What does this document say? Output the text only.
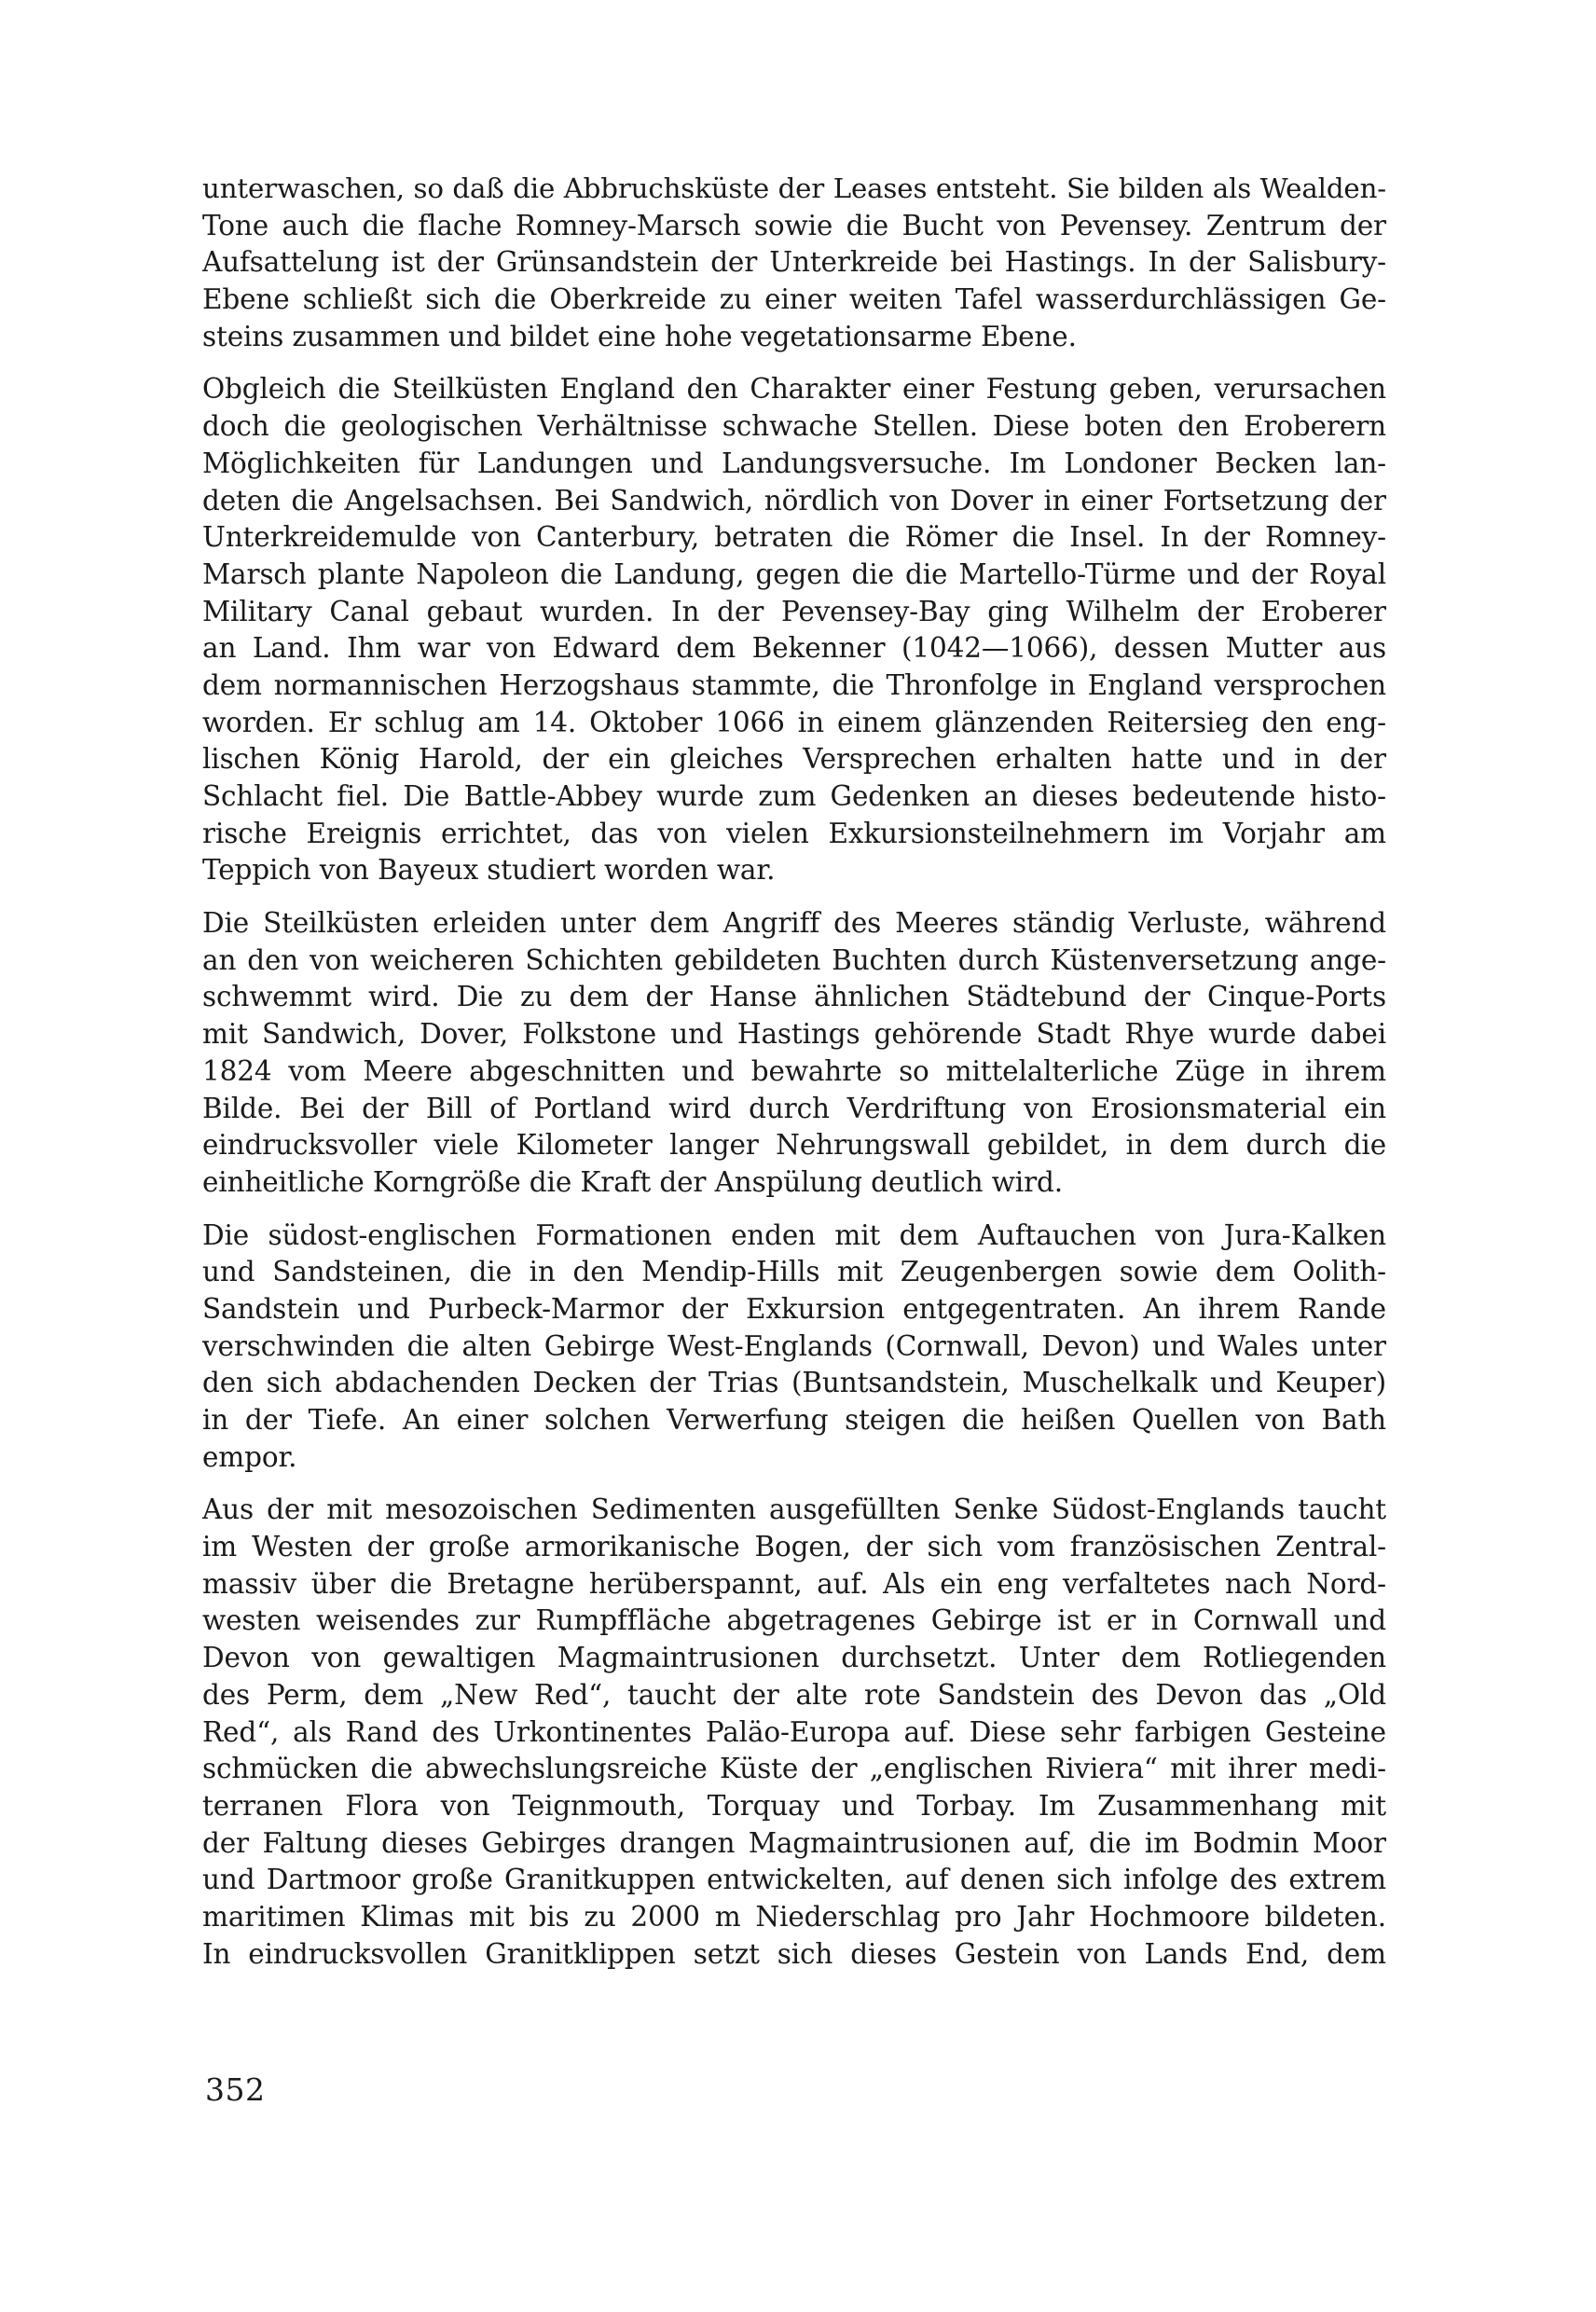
unterwaschen, so daß die Abbruchsküste der Leases entsteht. Sie bilden als Wealden-
Tone auch die flache Romney-Marsch sowie die Bucht von Pevensey. Zentrum der
Aufsattelung ist der Grünsandstein der Unterkreide bei Hastings. In der Salisbury-
Ebene schließt sich die Oberkreide zu einer weiten Tafel wasserdurchlässigen Ge-
steins zusammen und bildet eine hohe vegetationsarme Ebene.
Obgleich die Steilküsten England den Charakter einer Festung geben, verursachen
doch die geologischen Verhältnisse schwache Stellen. Diese boten den Eroberern
Möglichkeiten für Landungen und Landungsversuche. Im Londoner Becken lan-
deten die Angelsachsen. Bei Sandwich, nördlich von Dover in einer Fortsetzung der
Unterkreidemulde von Canterbury, betraten die Römer die Insel. In der Romney-
Marsch plante Napoleon die Landung, gegen die die Martello-Türme und der Royal
Military Canal gebaut wurden. In der Pevensey-Bay ging Wilhelm der Eroberer
an Land. Ihm war von Edward dem Bekenner (1042—1066), dessen Mutter aus
dem normannischen Herzogshaus stammte, die Thronfolge in England versprochen
worden. Er schlug am 14. Oktober 1066 in einem glänzenden Reitersieg den eng-
lischen König Harold, der ein gleiches Versprechen erhalten hatte und in der
Schlacht fiel. Die Battle-Abbey wurde zum Gedenken an dieses bedeutende histo-
rische Ereignis errichtet, das von vielen Exkursionsteilnehmern im Vorjahr am
Teppich von Bayeux studiert worden war.
Die Steilküsten erleiden unter dem Angriff des Meeres ständig Verluste, während
an den von weicheren Schichten gebildeten Buchten durch Küstenversetzung ange-
schwemmt wird. Die zu dem der Hanse ähnlichen Städtebund der Cinque-Ports
mit Sandwich, Dover, Folkstone und Hastings gehörende Stadt Rhye wurde dabei
1824 vom Meere abgeschnitten und bewahrte so mittelalterliche Züge in ihrem
Bilde. Bei der Bill of Portland wird durch Verdriftung von Erosionsmaterial ein
eindrucksvoller viele Kilometer langer Nehrungswall gebildet, in dem durch die
einheitliche Korngröße die Kraft der Anspülung deutlich wird.
Die südost-englischen Formationen enden mit dem Auftauchen von Jura-Kalken
und Sandsteinen, die in den Mendip-Hills mit Zeugenbergen sowie dem Oolith-
Sandstein und Purbeck-Marmor der Exkursion entgegentraten. An ihrem Rande
verschwinden die alten Gebirge West-Englands (Cornwall, Devon) und Wales unter
den sich abdachenden Decken der Trias (Buntsandstein, Muschelkalk und Keuper)
in der Tiefe. An einer solchen Verwerfung steigen die heißen Quellen von Bath
empor.
Aus der mit mesozoischen Sedimenten ausgefüllten Senke Südost-Englands taucht
im Westen der große armorikanische Bogen, der sich vom französischen Zentral-
massiv über die Bretagne herüberspannt, auf. Als ein eng verfaltetes nach Nord-
westen weisendes zur Rumpffläche abgetragenes Gebirge ist er in Cornwall und
Devon von gewaltigen Magmaintrusionen durchsetzt. Unter dem Rotliegenden
des Perm, dem „New Red“, taucht der alte rote Sandstein des Devon das „Old
Red“, als Rand des Urkontinentes Paläo-Europa auf. Diese sehr farbigen Gesteine
schmücken die abwechslungsreiche Küste der „englischen Riviera“ mit ihrer medi-
terranen Flora von Teignmouth, Torquay und Torbay. Im Zusammenhang mit
der Faltung dieses Gebirges drangen Magmaintrusionen auf, die im Bodmin Moor
und Dartmoor große Granitkuppen entwickelten, auf denen sich infolge des extrem
maritimen Klimas mit bis zu 2000 m Niederschlag pro Jahr Hochmoore bildeten.
In eindrucksvollen Granitklippen setzt sich dieses Gestein von Lands End, dem
352
